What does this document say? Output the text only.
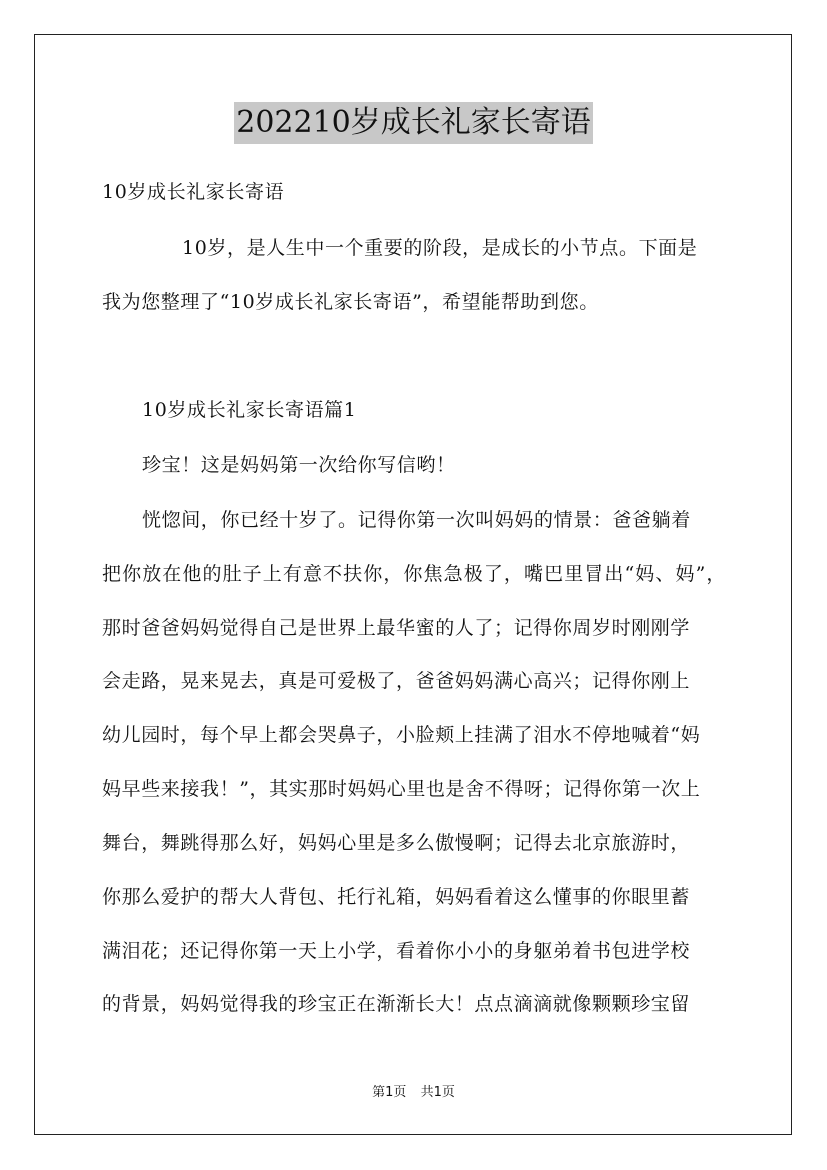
202210岁成长礼家长寄语
10岁成长礼家长寄语
10岁，是人生中一个重要的阶段，是成长的小节点。下面是
我为您整理了“10岁成长礼家长寄语”，希望能帮助到您。
10岁成长礼家长寄语篇1
珍宝！这是妈妈第一次给你写信哟！
恍惚间，你已经十岁了。记得你第一次叫妈妈的情景：爸爸躺着
把你放在他的肚子上有意不扶你，你焦急极了，嘴巴里冒出“妈、妈”，
那时爸爸妈妈觉得自己是世界上最华蜜的人了；记得你周岁时刚刚学
会走路，晃来晃去，真是可爱极了，爸爸妈妈满心高兴；记得你刚上
幼儿园时，每个早上都会哭鼻子，小脸颊上挂满了泪水不停地喊着“妈
妈早些来接我！”，其实那时妈妈心里也是舍不得呀；记得你第一次上
舞台，舞跳得那么好，妈妈心里是多么傲慢啊；记得去北京旅游时，
你那么爱护的帮大人背包、托行礼箱，妈妈看着这么懂事的你眼里蓄
满泪花；还记得你第一天上小学，看着你小小的身躯弟着书包进学校
的背景，妈妈觉得我的珍宝正在渐渐长大！点点滴滴就像颗颗珍宝留
第1页 共1页
